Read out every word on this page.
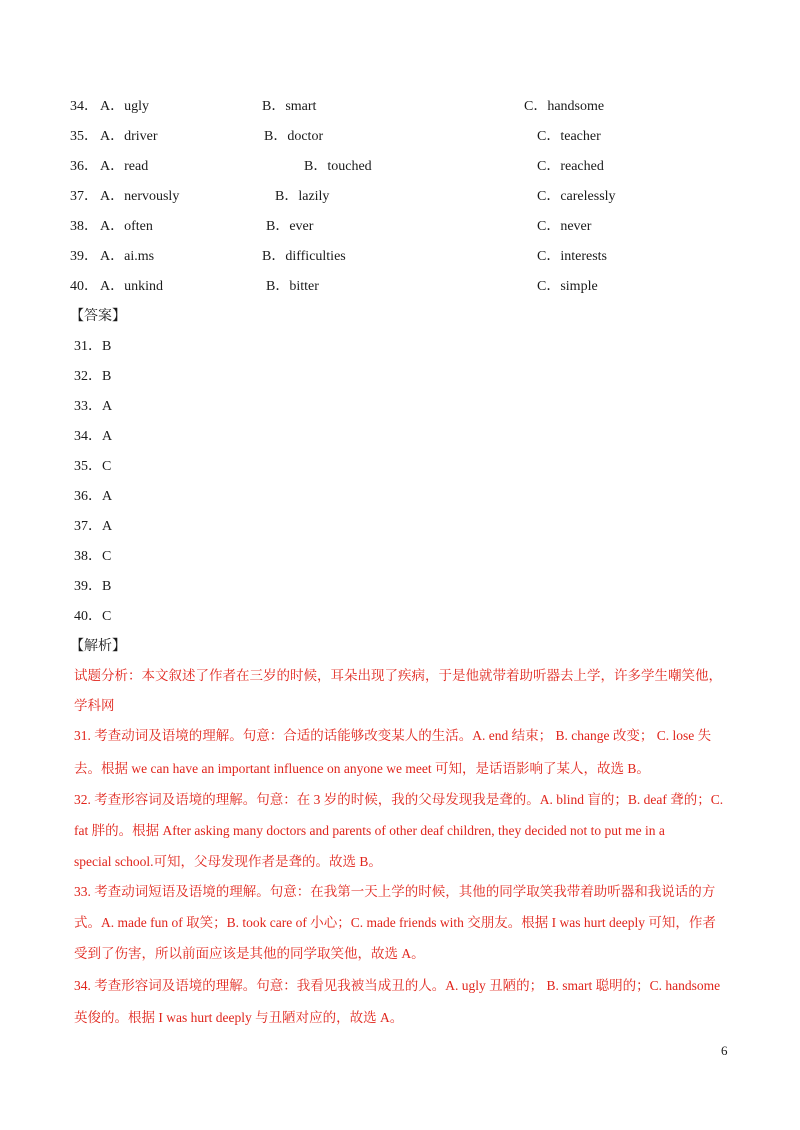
34． A．ugly	B．smart	C．handsome
35． A．driver	B．doctor	C．teacher
36． A．read	B．touched	C．reached
37． A．nervously	B．lazily	C．carelessly
38． A．often	B．ever	C．never
39． A．ai.ms	B．difficulties	C．interests
40． A．unkind	B．bitter	C．simple
【答案】
31．B
32．B
33．A
34．A
35．C
36．A
37．A
38．C
39．B
40．C
【解析】
试题分析：本文叙述了作者在三岁的时候，耳朵出现了疾病，于是他就带着助听器去上学，许多学生嘲笑他，
学科网
31. 考查动词及语境的理解。句意：合适的话能够改变某人的生活。A. end 结束； B. change 改变； C. lose 失
去。根据 we can have an important influence on anyone we meet 可知，是话语影响了某人，故选 B。
32. 考查形容词及语境的理解。句意：在 3 岁的时候，我的父母发现我是聋的。A. blind 盲的；B. deaf 聋的；C.
fat 胖的。根据 After asking many doctors and parents of other deaf children, they decided not to put me in a
special school.可知，父母发现作者是聋的。故选 B。
33. 考查动词短语及语境的理解。句意：在我第一天上学的时候，其他的同学取笑我带着助听器和我说话的方
式。A. made fun of 取笑；B. took care of 小心；C. made friends with 交朋友。根据 I was hurt deeply 可知，作者
受到了伤害，所以前面应该是其他的同学取笑他，故选 A。
34. 考查形容词及语境的理解。句意：我看见我被当成丑的人。A. ugly 丑陋的； B. smart 聪明的；C. handsome
英俊的。根据 I was hurt deeply 与丑陋对应的，故选 A。
6
